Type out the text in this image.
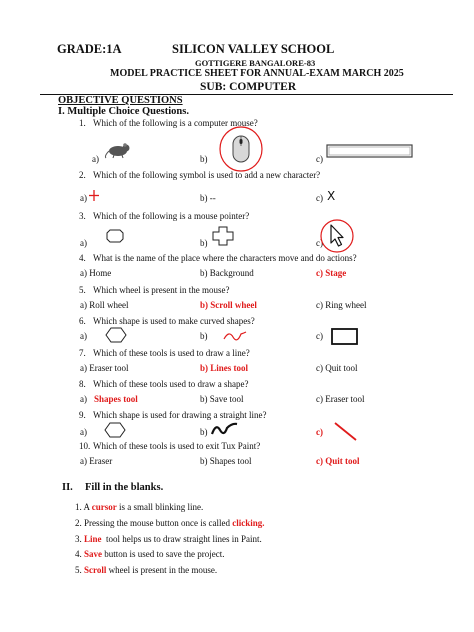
GRADE:1A	SILICON VALLEY SCHOOL
GOTTIGERE BANGALORE-83
MODEL PRACTICE SHEET FOR ANNUAL-EXAM MARCH 2025
SUB: COMPUTER
OBJECTIVE QUESTIONS
I. Multiple Choice Questions.
1. Which of the following is a computer mouse?
a)	b)	c)
2. Which of the following symbol is used to add a new character?
a)	b) --	c) X
3. Which of the following is a mouse pointer?
a)	b)	c)
4. What is the name of the place where the characters move and do actions?
a) Home	b) Background	c) Stage
5. Which wheel is present in the mouse?
a) Roll wheel	b) Scroll wheel	c) Ring wheel
6. Which shape is used to make curved shapes?
a)	b)	c)
7. Which of these tools is used to draw a line?
a) Eraser tool	b) Lines tool	c) Quit tool
8. Which of these tools used to draw a shape?
a) Shapes tool	b) Save tool	c) Eraser tool
9. Which shape is used for drawing a straight line?
a)	b)	c)
10. Which of these tools is used to exit Tux Paint?
a) Eraser	b) Shapes tool	c) Quit tool
II. Fill in the blanks.
1. A cursor is a small blinking line.
2. Pressing the mouse button once is called clicking.
3. Line  tool helps us to draw straight lines in Paint.
4. Save button is used to save the project.
5. Scroll wheel is present in the mouse.
